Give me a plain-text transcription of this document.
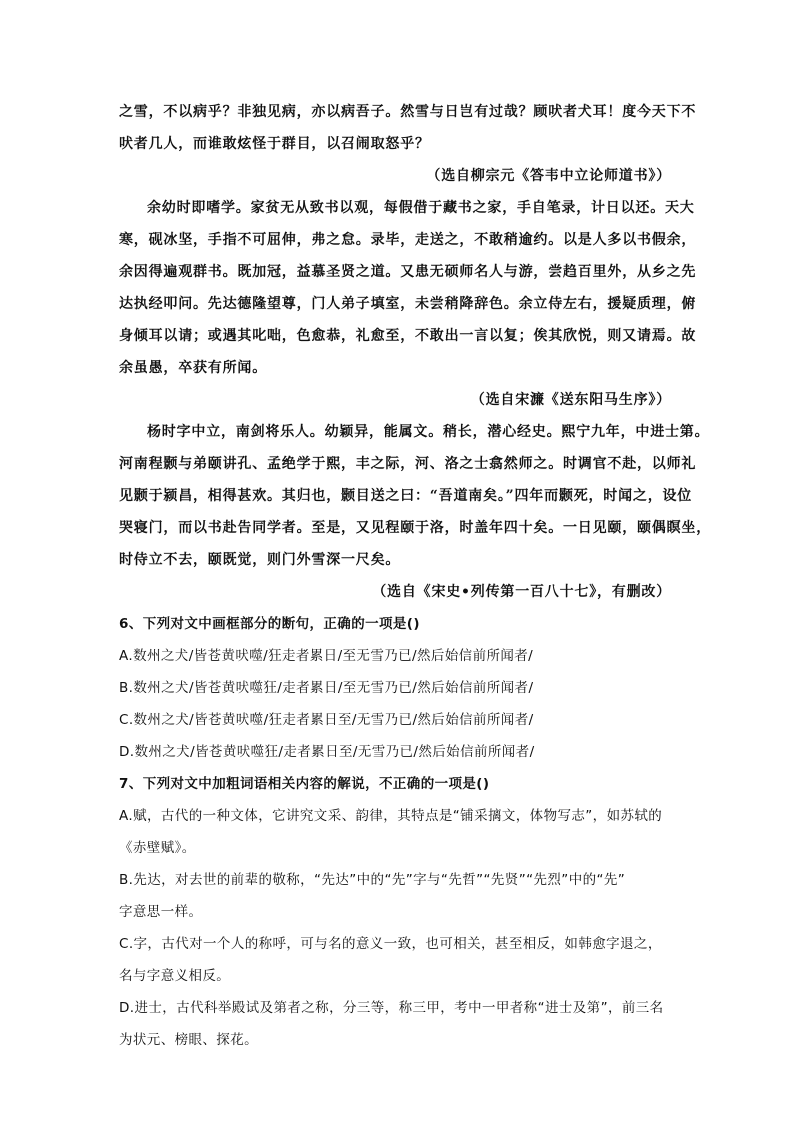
之雪，不以病乎？非独见病，亦以病吾子。然雪与日岂有过哉？顾吠者犬耳！度今天下不
吠者几人，而谁敢炫怪于群目，以召闹取怒乎？
（选自柳宗元《答韦中立论师道书》）
余幼时即嗜学。家贫无从致书以观，每假借于藏书之家，手自笔录，计日以还。天大
寒，砚冰坚，手指不可屈伸，弗之怠。录毕，走送之，不敢稍逾约。以是人多以书假余，
余因得遍观群书。既加冠，益慕圣贤之道。又患无硕师名人与游，尝趋百里外，从乡之先
达执经叩问。先达德隆望尊，门人弟子填室，未尝稍降辞色。余立侍左右，援疑质理，俯
身倾耳以请；或遇其叱咄，色愈恭，礼愈至，不敢出一言以复；俟其欣悦，则又请焉。故
余虽愚，卒获有所闻。
（选自宋濂《送东阳马生序》）
杨时字中立，南剑将乐人。幼颖异，能属文。稍长，潜心经史。熙宁九年，中进士第。
河南程颢与弟颐讲孔、孟绝学于熙，丰之际，河、洛之士翕然师之。时调官不赴，以师礼
见颢于颍昌，相得甚欢。其归也，颢目送之曰：“吾道南矣。”四年而颢死，时闻之，设位
哭寝门，而以书赴告同学者。至是，又见程颐于洛，时盖年四十矣。一日见颐，颐偶瞑坐，
时侍立不去，颐既觉，则门外雪深一尺矣。
（选自《宋史•列传第一百八十七》，有删改）
6、下列对文中画框部分的断句，正确的一项是()
A.数州之犬/皆苍黄吠噬/狂走者累日/至无雪乃已/然后始信前所闻者/
B.数州之犬/皆苍黄吠噬狂/走者累日/至无雪乃已/然后始信前所闻者/
C.数州之犬/皆苍黄吠噬/狂走者累日至/无雪乃已/然后始信前所闻者/
D.数州之犬/皆苍黄吠噬狂/走者累日至/无雪乃已/然后始信前所闻者/
7、下列对文中加粗词语相关内容的解说，不正确的一项是()
A.赋，古代的一种文体，它讲究文采、韵律，其特点是“铺采摛文，体物写志”，如苏轼的
《赤壁赋》。
B.先达，对去世的前辈的敬称，“先达”中的“先”字与“先哲”“先贤”“先烈”中的“先”
字意思一样。
C.字，古代对一个人的称呼，可与名的意义一致，也可相关，甚至相反，如韩愈字退之，
名与字意义相反。
D.进士，古代科举殿试及第者之称，分三等，称三甲，考中一甲者称“进士及第”，前三名
为状元、榜眼、探花。
